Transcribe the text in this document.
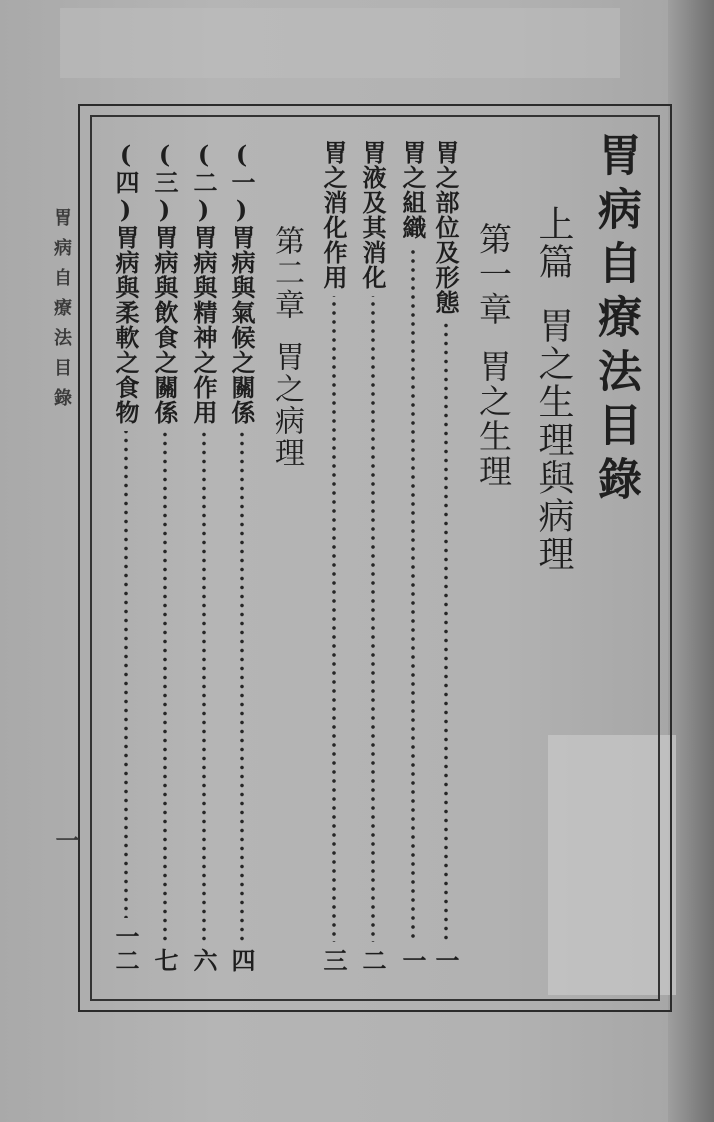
胃病自療法目錄
上篇胃之生理與病理
第一章胃之生理
胃之部位及形態
一
胃之組織
一
胃液及其消化
二
胃之消化作用
三
第二章胃之病理
(一)胃病與氣候之關係
四
(二)胃病與精神之作用
六
(三)胃病與飲食之關係
七
(四)胃病與柔軟之食物
一二
胃病自療法目錄
一
